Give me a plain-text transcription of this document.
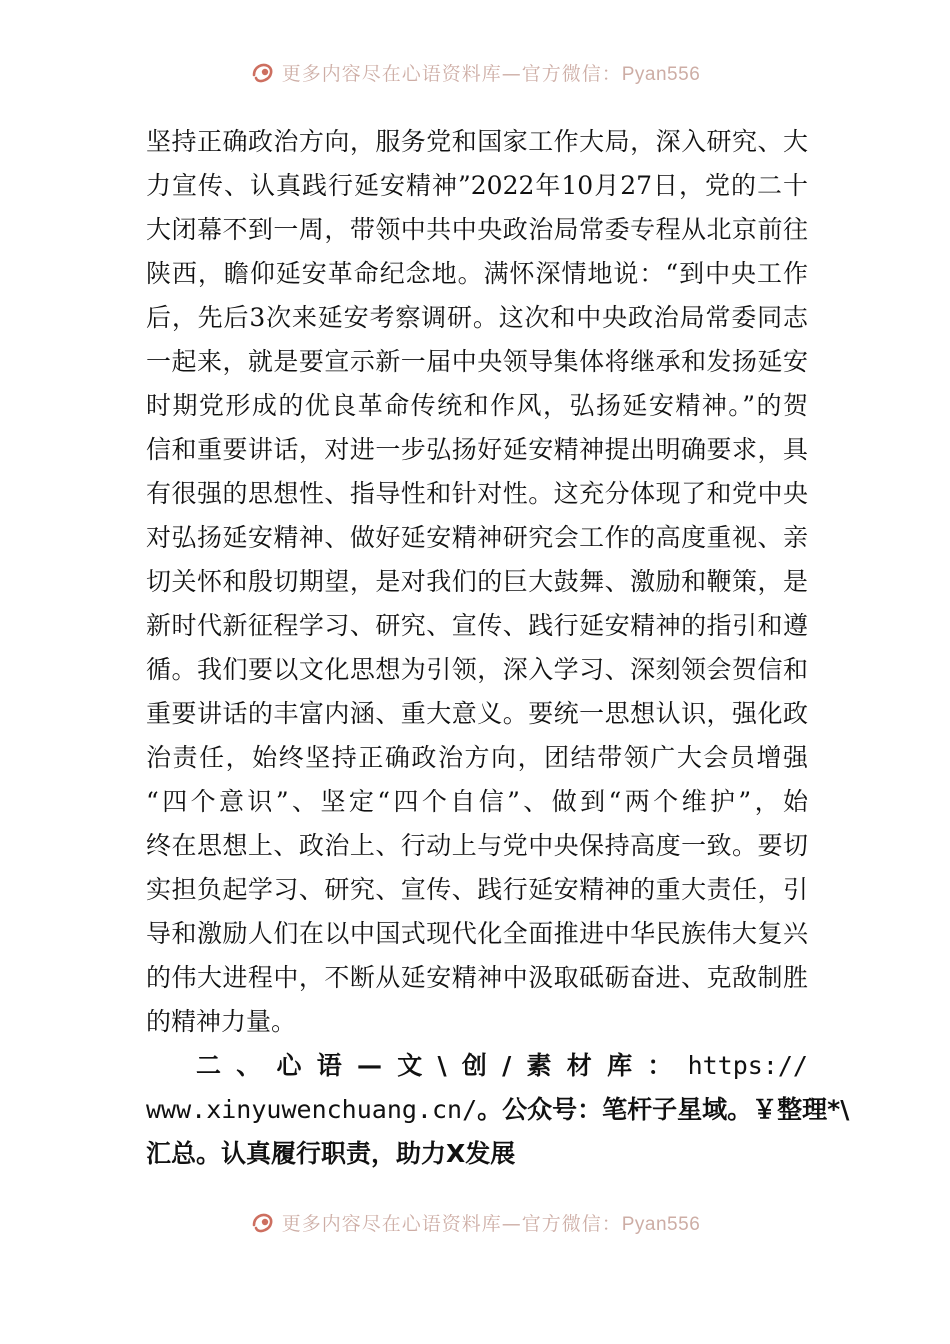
更多内容尽在心语资料库—官方微信：Pyan556
坚持正确政治方向，服务党和国家工作大局，深入研究、大
力宣传、认真践行延安精神”2022年10月27日，党的二十
大闭幕不到一周，带领中共中央政治局常委专程从北京前往
陕西，瞻仰延安革命纪念地。满怀深情地说：“到中央工作
后，先后3次来延安考察调研。这次和中央政治局常委同志
一起来，就是要宣示新一届中央领导集体将继承和发扬延安
时期党形成的优良革命传统和作风，弘扬延安精神。”的贺
信和重要讲话，对进一步弘扬好延安精神提出明确要求，具
有很强的思想性、指导性和针对性。这充分体现了和党中央
对弘扬延安精神、做好延安精神研究会工作的高度重视、亲
切关怀和殷切期望，是对我们的巨大鼓舞、激励和鞭策，是
新时代新征程学习、研究、宣传、践行延安精神的指引和遵
循。我们要以文化思想为引领，深入学习、深刻领会贺信和
重要讲话的丰富内涵、重大意义。要统一思想认识，强化政
治责任，始终坚持正确政治方向，团结带领广大会员增强
“四个意识”、坚定“四个自信”、做到“两个维护”，始
终在思想上、政治上、行动上与党中央保持高度一致。要切
实担负起学习、研究、宣传、践行延安精神的重大责任，引
导和激励人们在以中国式现代化全面推进中华民族伟大复兴
的伟大进程中，不断从延安精神中汲取砥砺奋进、克敌制胜
的精神力量。
二、心语—文\创/素材库：https://
www.xinyuwenchuang.cn/。公众号：笔杆子星域。￥整理*\
汇总。认真履行职责，助力X发展
更多内容尽在心语资料库—官方微信：Pyan556
